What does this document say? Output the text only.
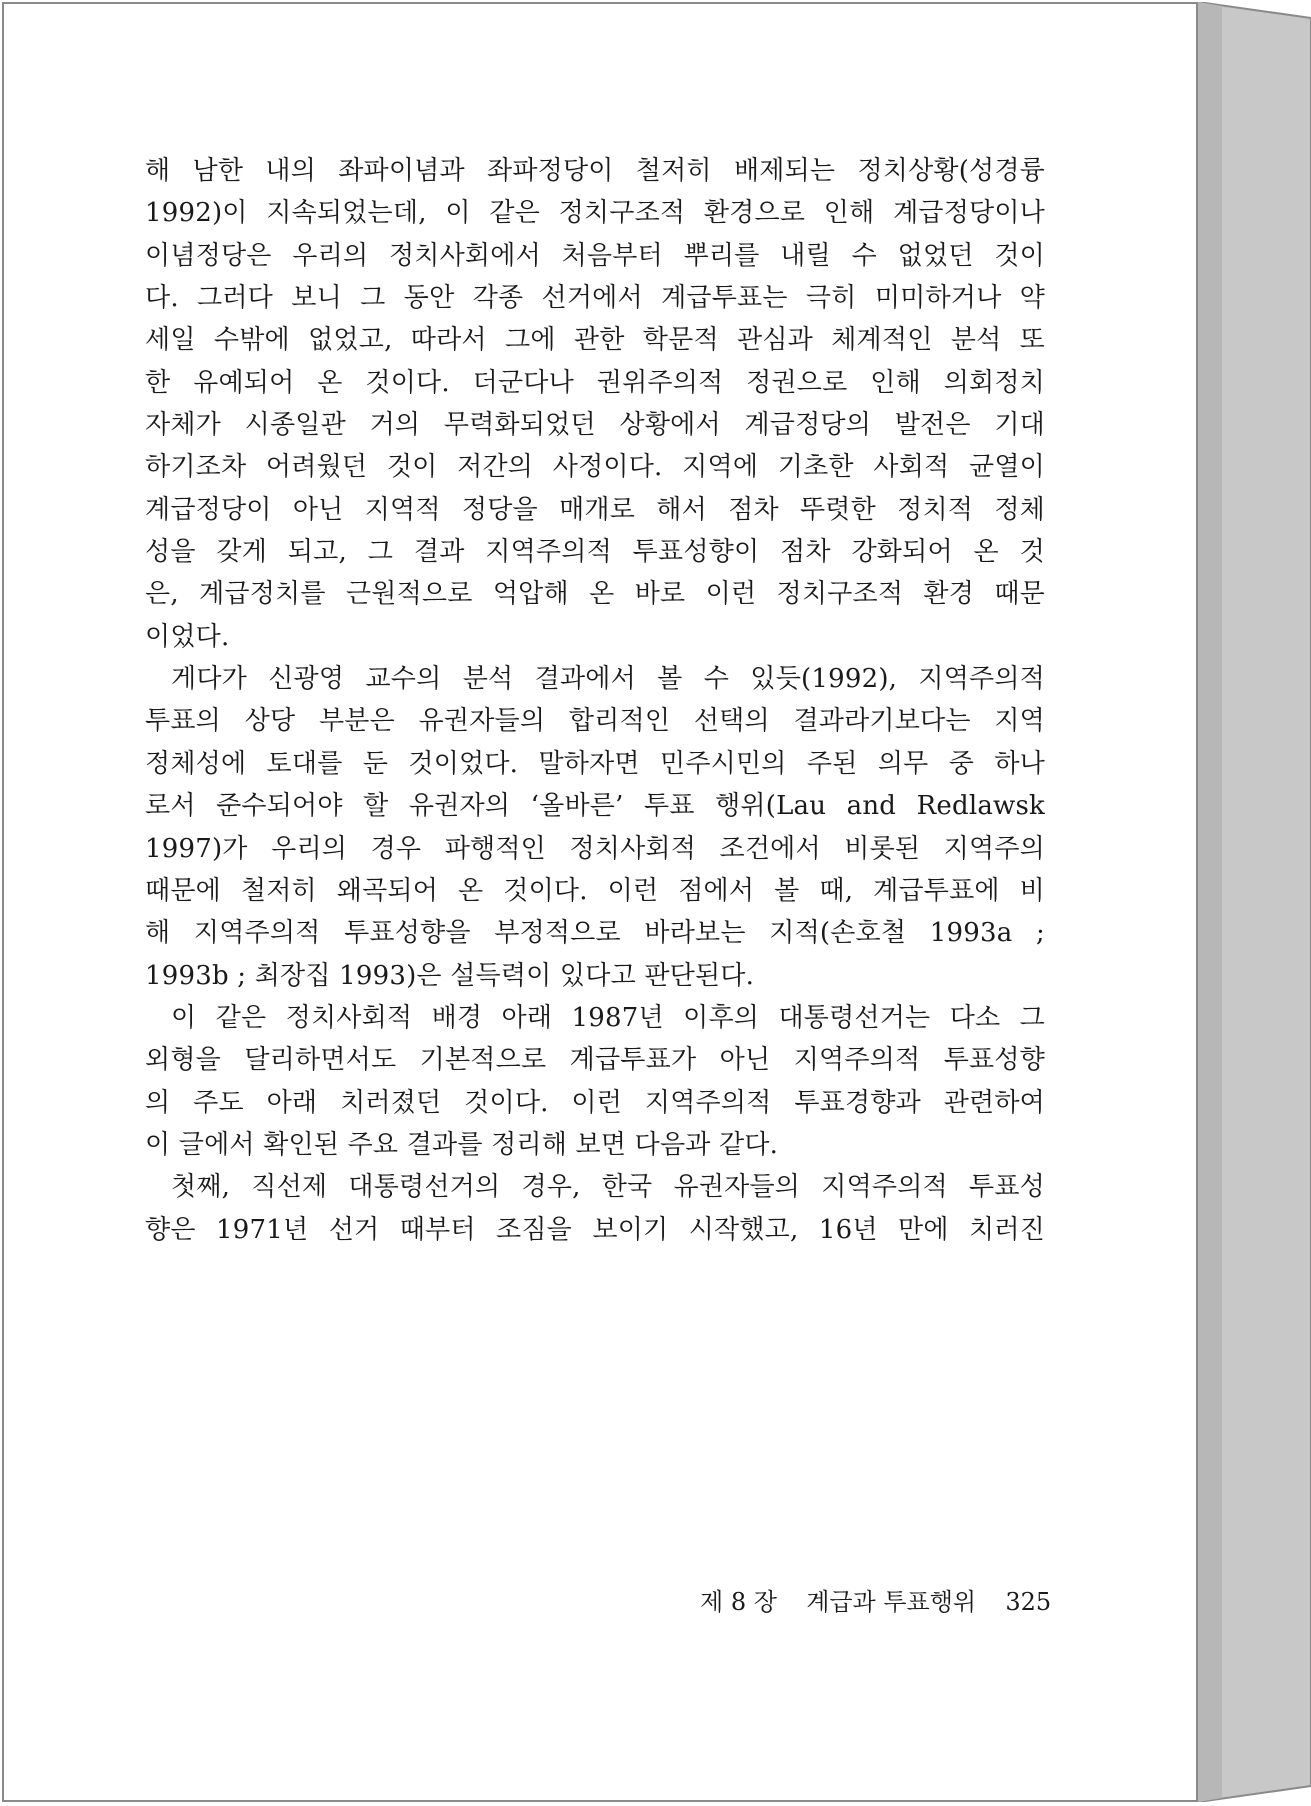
해 남한 내의 좌파이념과 좌파정당이 철저히 배제되는 정치상황(성경륭
1992)이 지속되었는데, 이 같은 정치구조적 환경으로 인해 계급정당이나
이념정당은 우리의 정치사회에서 처음부터 뿌리를 내릴 수 없었던 것이
다. 그러다 보니 그 동안 각종 선거에서 계급투표는 극히 미미하거나 약
세일 수밖에 없었고, 따라서 그에 관한 학문적 관심과 체계적인 분석 또
한 유예되어 온 것이다. 더군다나 권위주의적 정권으로 인해 의회정치
자체가 시종일관 거의 무력화되었던 상황에서 계급정당의 발전은 기대
하기조차 어려웠던 것이 저간의 사정이다. 지역에 기초한 사회적 균열이
계급정당이 아닌 지역적 정당을 매개로 해서 점차 뚜렷한 정치적 정체
성을 갖게 되고, 그 결과 지역주의적 투표성향이 점차 강화되어 온 것
은, 계급정치를 근원적으로 억압해 온 바로 이런 정치구조적 환경 때문
이었다.
게다가 신광영 교수의 분석 결과에서 볼 수 있듯(1992), 지역주의적
투표의 상당 부분은 유권자들의 합리적인 선택의 결과라기보다는 지역
정체성에 토대를 둔 것이었다. 말하자면 민주시민의 주된 의무 중 하나
로서 준수되어야 할 유권자의 ‘올바른’ 투표 행위(Lau and Redlawsk
1997)가 우리의 경우 파행적인 정치사회적 조건에서 비롯된 지역주의
때문에 철저히 왜곡되어 온 것이다. 이런 점에서 볼 때, 계급투표에 비
해 지역주의적 투표성향을 부정적으로 바라보는 지적(손호철 1993a ;
1993b ; 최장집 1993)은 설득력이 있다고 판단된다.
이 같은 정치사회적 배경 아래 1987년 이후의 대통령선거는 다소 그
외형을 달리하면서도 기본적으로 계급투표가 아닌 지역주의적 투표성향
의 주도 아래 치러졌던 것이다. 이런 지역주의적 투표경향과 관련하여
이 글에서 확인된 주요 결과를 정리해 보면 다음과 같다.
첫째, 직선제 대통령선거의 경우, 한국 유권자들의 지역주의적 투표성
향은 1971년 선거 때부터 조짐을 보이기 시작했고, 16년 만에 치러진
제 8 장 계급과 투표행위 325
